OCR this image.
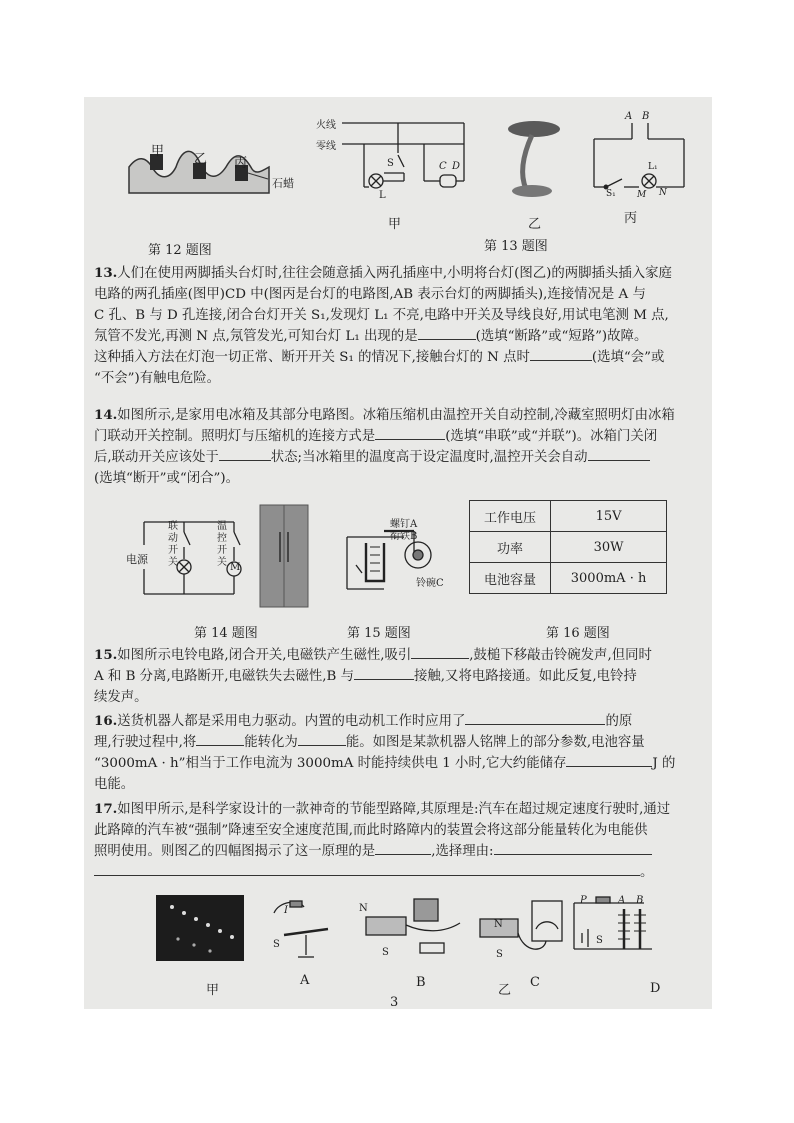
甲
乙 丙
石蜡
第 12 题图
火线
零线
S
L
C D
甲	乙
A B
S₁
L₁
M N
丙
第 13 题图
13.人们在使用两脚插头台灯时,往往会随意插入两孔插座中,小明将台灯(图乙)的两脚插头插入家庭
电路的两孔插座(图甲)CD 中(图丙是台灯的电路图,AB 表示台灯的两脚插头),连接情况是 A 与
C 孔、B 与 D 孔连接,闭合台灯开关 S₁,发现灯 L₁ 不亮,电路中开关及导线良好,用试电笔测 M 点,
氖管不发光,再测 N 点,氖管发光,可知台灯 L₁ 出现的是	(选填“断路”或“短路”)故障。
这种插入方法在灯泡一切正常、断开开关 S₁ 的情况下,接触台灯的 N 点时	(选填“会”或
“不会”)有触电危险。
14.如图所示,是家用电冰箱及其部分电路图。冰箱压缩机由温控开关自动控制,冷藏室照明灯由冰箱
门联动开关控制。照明灯与压缩机的连接方式是	(选填“串联”或“并联”)。冰箱门关闭
后,联动开关应该处于	状态;当冰箱里的温度高于设定温度时,温控开关会自动
(选填“断开”或“闭合”)。
电源
联动开关
温控开关 M
螺钉A
衔铁B
铃碗C
工作电压	15V
功率	30W
电池容量	3000mA · h
第 14 题图	第 15 题图	第 16 题图
15.如图所示电铃电路,闭合开关,电磁铁产生磁性,吸引	,鼓槌下移敲击铃碗发声,但同时
A 和 B 分离,电路断开,电磁铁失去磁性,B 与	接触,又将电路接通。如此反复,电铃持
续发声。
16.送货机器人都是采用电力驱动。内置的电动机工作时应用了	的原
理,行驶过程中,将	能转化为	能。如图是某款机器人铭牌上的部分参数,电池容量
“3000mA · h”相当于工作电流为 3000mA 时能持续供电 1 小时,它大约能储存	J 的
电能。
17.如图甲所示,是科学家设计的一款神奇的节能型路障,其原理是:汽车在超过规定速度行驶时,通过
此路障的汽车被“强制”降速至安全速度范围,而此时路障内的装置会将这部分能量转化为电能供
照明使用。则图乙的四幅图揭示了这一原理的是	,选择理由:
。
I
S
N
S
N
S
P	A B
S
甲
A	B
乙
C	D
3
